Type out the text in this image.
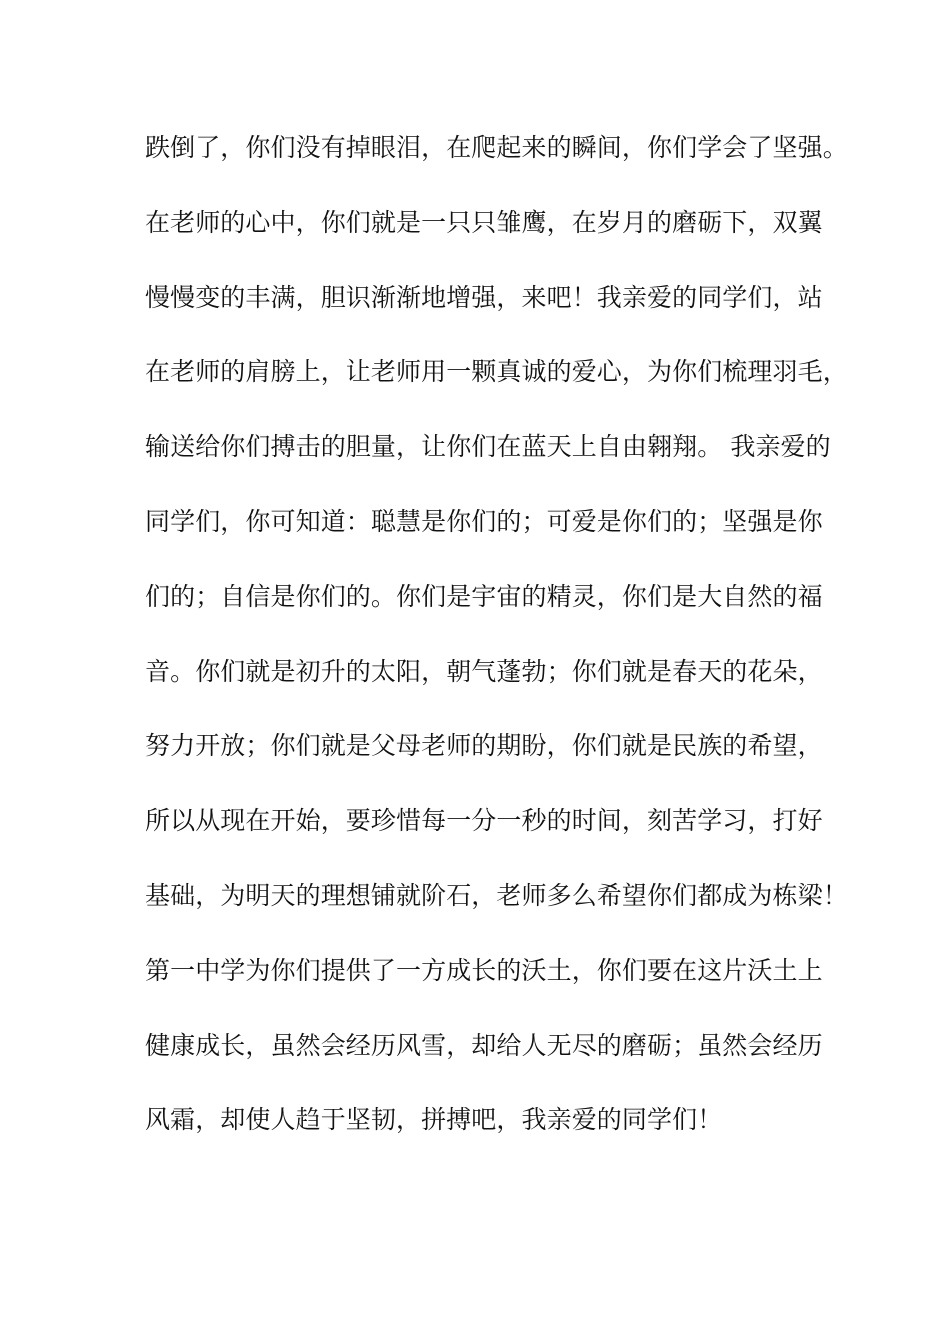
跌倒了，你们没有掉眼泪，在爬起来的瞬间，你们学会了坚强。
在老师的心中，你们就是一只只雏鹰，在岁月的磨砺下，双翼
慢慢变的丰满，胆识渐渐地增强，来吧！我亲爱的同学们，站
在老师的肩膀上，让老师用一颗真诚的爱心，为你们梳理羽毛，
输送给你们搏击的胆量，让你们在蓝天上自由翱翔。 我亲爱的
同学们，你可知道：聪慧是你们的；可爱是你们的；坚强是你
们的；自信是你们的。你们是宇宙的精灵，你们是大自然的福
音。你们就是初升的太阳，朝气蓬勃；你们就是春天的花朵，
努力开放；你们就是父母老师的期盼，你们就是民族的希望，
所以从现在开始，要珍惜每一分一秒的时间，刻苦学习，打好
基础，为明天的理想铺就阶石，老师多么希望你们都成为栋梁！
第一中学为你们提供了一方成长的沃土，你们要在这片沃土上
健康成长，虽然会经历风雪，却给人无尽的磨砺；虽然会经历
风霜，却使人趋于坚韧，拼搏吧，我亲爱的同学们！
